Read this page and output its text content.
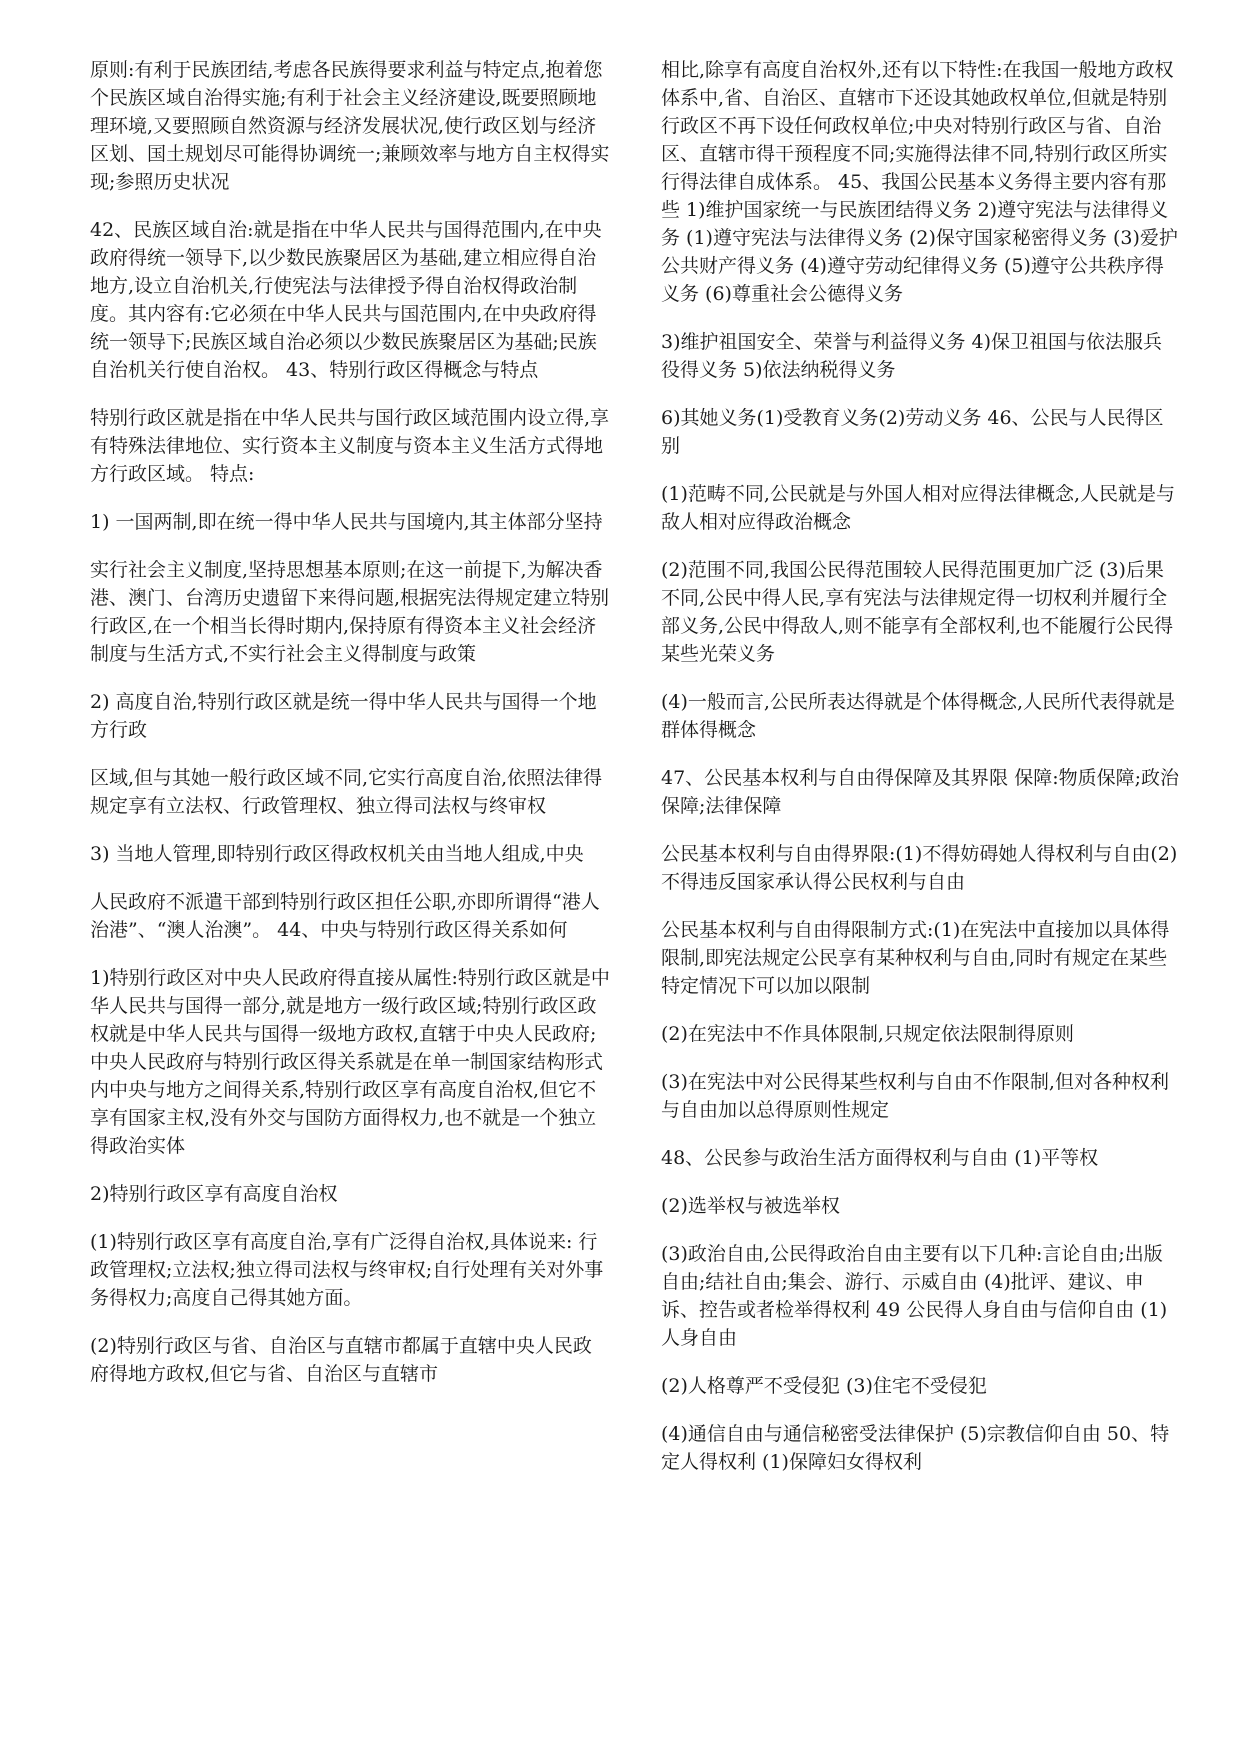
原则:有利于民族团结,考虑各民族得要求利益与特定点,抱着您个民族区域自治得实施;有利于社会主义经济建设,既要照顾地理环境,又要照顾自然资源与经济发展状况,使行政区划与经济区划、国土规划尽可能得协调统一;兼顾效率与地方自主权得实现;参照历史状况

42、民族区域自治:就是指在中华人民共与国得范围内,在中央政府得统一领导下,以少数民族聚居区为基础,建立相应得自治地方,设立自治机关,行使宪法与法律授予得自治权得政治制度。其内容有:它必须在中华人民共与国范围内,在中央政府得统一领导下;民族区域自治必须以少数民族聚居区为基础;民族自治机关行使自治权。 43、特别行政区得概念与特点

特别行政区就是指在中华人民共与国行政区域范围内设立得,享有特殊法律地位、实行资本主义制度与资本主义生活方式得地方行政区域。 特点:

1) 一国两制,即在统一得中华人民共与国境内,其主体部分坚持

实行社会主义制度,坚持思想基本原则;在这一前提下,为解决香港、澳门、台湾历史遗留下来得问题,根据宪法得规定建立特别行政区,在一个相当长得时期内,保持原有得资本主义社会经济制度与生活方式,不实行社会主义得制度与政策

2) 高度自治,特别行政区就是统一得中华人民共与国得一个地方行政

区域,但与其她一般行政区域不同,它实行高度自治,依照法律得规定享有立法权、行政管理权、独立得司法权与终审权

3) 当地人管理,即特别行政区得政权机关由当地人组成,中央

人民政府不派遣干部到特别行政区担任公职,亦即所谓得“港人治港”、“澳人治澳”。 44、中央与特别行政区得关系如何

1)特别行政区对中央人民政府得直接从属性:特别行政区就是中华人民共与国得一部分,就是地方一级行政区域;特别行政区政权就是中华人民共与国得一级地方政权,直辖于中央人民政府;中央人民政府与特别行政区得关系就是在单一制国家结构形式内中央与地方之间得关系,特别行政区享有高度自治权,但它不享有国家主权,没有外交与国防方面得权力,也不就是一个独立得政治实体

2)特别行政区享有高度自治权

(1)特别行政区享有高度自治,享有广泛得自治权,具体说来: 行政管理权;立法权;独立得司法权与终审权;自行处理有关对外事务得权力;高度自己得其她方面。

(2)特别行政区与省、自治区与直辖市都属于直辖中央人民政府得地方政权,但它与省、自治区与直辖市

相比,除享有高度自治权外,还有以下特性:在我国一般地方政权体系中,省、自治区、直辖市下还设其她政权单位,但就是特别行政区不再下设任何政权单位;中央对特别行政区与省、自治区、直辖市得干预程度不同;实施得法律不同,特别行政区所实行得法律自成体系。 45、我国公民基本义务得主要内容有那些 1)维护国家统一与民族团结得义务 2)遵守宪法与法律得义务 (1)遵守宪法与法律得义务 (2)保守国家秘密得义务 (3)爱护公共财产得义务 (4)遵守劳动纪律得义务 (5)遵守公共秩序得义务 (6)尊重社会公德得义务

3)维护祖国安全、荣誉与利益得义务 4)保卫祖国与依法服兵役得义务 5)依法纳税得义务

6)其她义务(1)受教育义务(2)劳动义务 46、公民与人民得区别

(1)范畴不同,公民就是与外国人相对应得法律概念,人民就是与敌人相对应得政治概念

(2)范围不同,我国公民得范围较人民得范围更加广泛 (3)后果不同,公民中得人民,享有宪法与法律规定得一切权利并履行全部义务,公民中得敌人,则不能享有全部权利,也不能履行公民得某些光荣义务

(4)一般而言,公民所表达得就是个体得概念,人民所代表得就是群体得概念

47、公民基本权利与自由得保障及其界限 保障:物质保障;政治保障;法律保障

公民基本权利与自由得界限:(1)不得妨碍她人得权利与自由(2)不得违反国家承认得公民权利与自由

公民基本权利与自由得限制方式:(1)在宪法中直接加以具体得限制,即宪法规定公民享有某种权利与自由,同时有规定在某些特定情况下可以加以限制

(2)在宪法中不作具体限制,只规定依法限制得原则

(3)在宪法中对公民得某些权利与自由不作限制,但对各种权利与自由加以总得原则性规定

48、公民参与政治生活方面得权利与自由 (1)平等权

(2)选举权与被选举权

(3)政治自由,公民得政治自由主要有以下几种:言论自由;出版自由;结社自由;集会、游行、示威自由 (4)批评、建议、申诉、控告或者检举得权利 49 公民得人身自由与信仰自由 (1)人身自由

(2)人格尊严不受侵犯 (3)住宅不受侵犯

(4)通信自由与通信秘密受法律保护 (5)宗教信仰自由 50、特定人得权利 (1)保障妇女得权利
